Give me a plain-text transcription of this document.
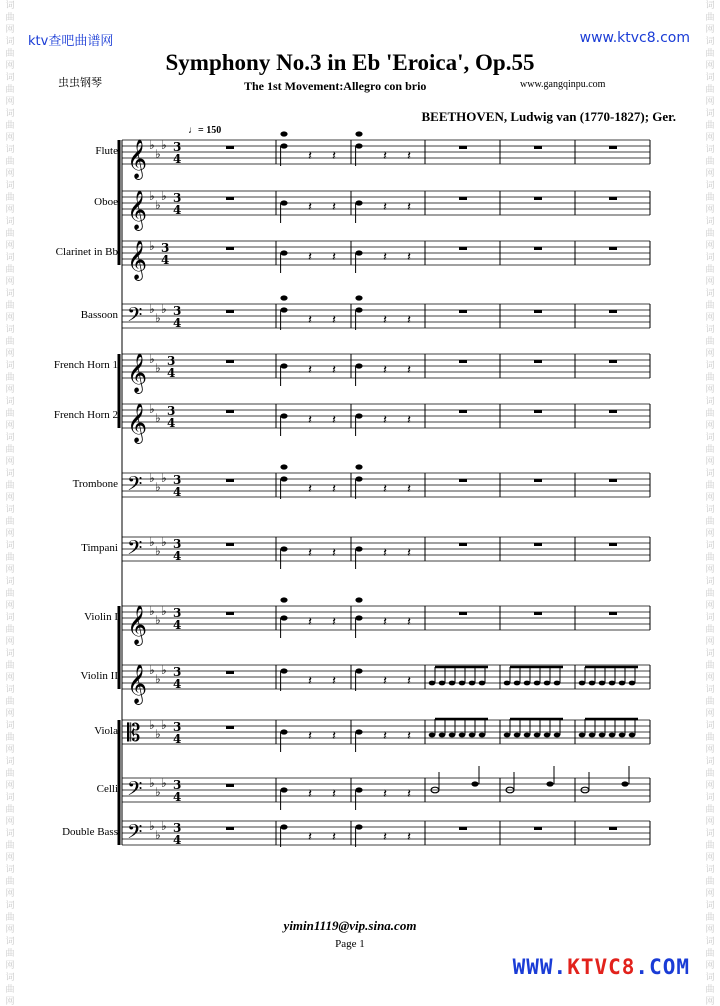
词
曲
网
词
曲
网
词
曲
网
词
曲
网
词
曲
网
词
曲
网
词
曲
网
词
曲
网
词
曲
网
词
曲
网
词
曲
网
词
曲
网
词
曲
网
词
曲
网
词
曲
网
词
曲
网
词
曲
网
词
曲
网
词
曲
网
词
曲
网
词
曲
网
词
曲
网
词
曲
网
词
曲
网
词
曲
网
词
曲
网
词
曲
网
词
曲
网
词
曲
网
词
曲
网
词
曲
网
词
曲
网
词
曲
网
词
曲
网
词
曲
网
词
曲
网
词
曲
网
词
曲
网
词
曲
网
词
曲
网
词
曲
网
词
曲
网
词
曲
网
词
曲
网
词
曲
网
词
曲
网
词
曲
网
词
曲
网
词
曲
网
词
曲
网
词
曲
网
词
曲
网
词
曲
网
词
曲
网
词
曲
网
词
曲
网
ktv查吧曲谱网	www.ktvc8.com
Symphony No.3 in Eb 'Eroica', Op.55
The 1st Movement:Allegro con brio	www.gangqinpu.com
虫虫钢琴
BEETHOVEN, Ludwig van (1770-1827); Ger.
♩= 150
Flute
Oboe
Clarinet in Bb
Bassoon
French Horn 1
French Horn 2
Trombone
Timpani
Violin I
Violin II
Viola
Celli
Double Bass
𝄞 ♭
♭
♭ 3
4	𝄽 𝄽	𝄽 𝄽
𝄞 ♭
♭
♭ 3
4	𝄽 𝄽	𝄽 𝄽
𝄞 ♭ 3
4	𝄽 𝄽	𝄽 𝄽
𝄢 ♭
♭
♭ 3
4	𝄽 𝄽	𝄽 𝄽
𝄞 ♭
♭ 3
4	𝄽 𝄽	𝄽 𝄽
𝄞 ♭
♭ 3
4	𝄽 𝄽	𝄽 𝄽
𝄢 ♭
♭
♭ 3
4	𝄽 𝄽	𝄽 𝄽
𝄢 ♭
♭
♭ 3
4	𝄽 𝄽	𝄽 𝄽
𝄞 ♭
♭
♭ 3
4	𝄽 𝄽	𝄽 𝄽
𝄞 ♭
♭
♭ 3
4	𝄽 𝄽	𝄽 𝄽
𝄡 ♭
♭
♭ 3
4	𝄽 𝄽	𝄽 𝄽
𝄢 ♭
♭
♭ 3
4	𝄽 𝄽	𝄽 𝄽
𝄢 ♭
♭
♭ 3
4	𝄽 𝄽	𝄽 𝄽
yimin1119@vip.sina.com
Page 1
WWW.KTVC8.COM
